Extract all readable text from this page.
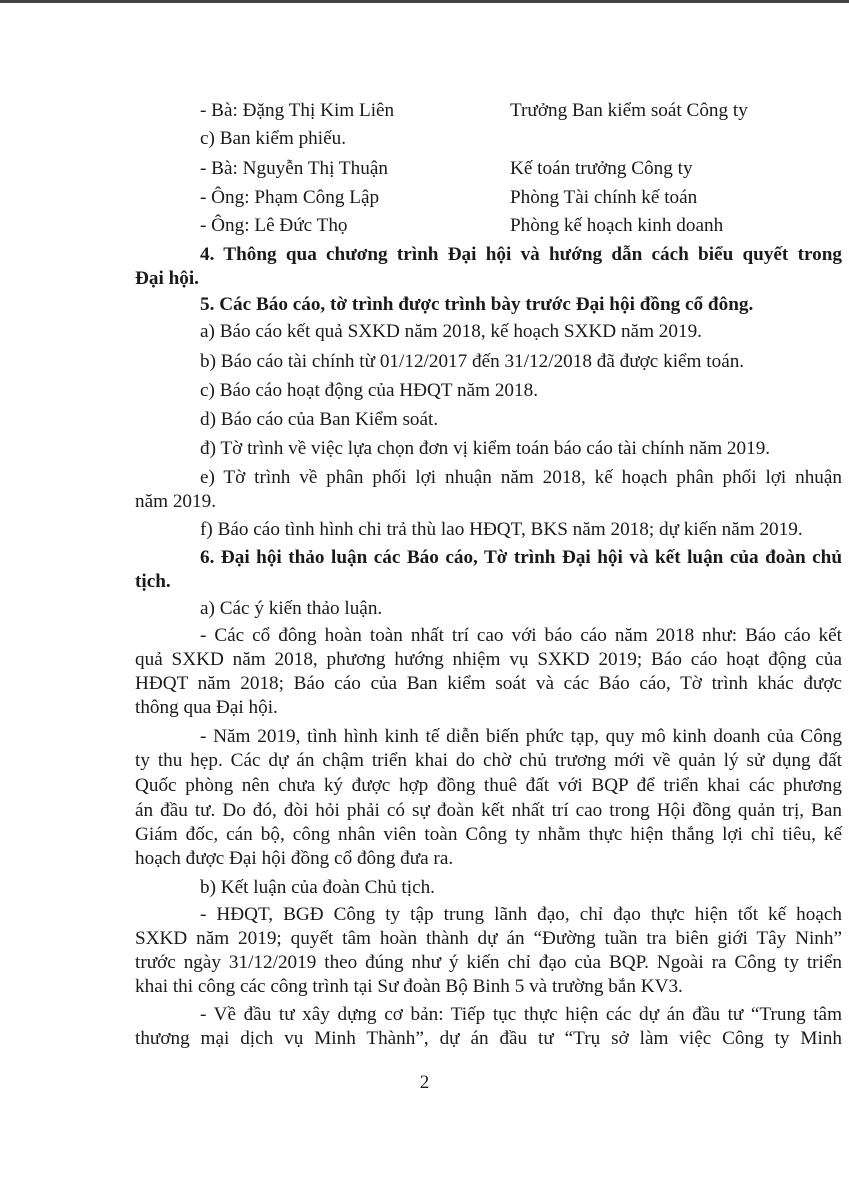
- Bà: Đặng Thị Kim Liên	Trưởng Ban kiểm soát Công ty
c) Ban kiểm phiếu.
- Bà: Nguyễn Thị Thuận	Kế toán trưởng Công ty
- Ông: Phạm Công Lập	Phòng Tài chính kế toán
- Ông: Lê Đức Thọ	Phòng kế hoạch kinh doanh
4. Thông qua chương trình Đại hội và hướng dẫn cách biểu quyết trong
Đại hội.
5. Các Báo cáo, tờ trình được trình bày trước Đại hội đồng cổ đông.
a) Báo cáo kết quả SXKD năm 2018, kế hoạch SXKD năm 2019.
b) Báo cáo tài chính từ 01/12/2017 đến 31/12/2018 đã được kiểm toán.
c) Báo cáo hoạt động của HĐQT năm 2018.
d) Báo cáo của Ban Kiểm soát.
đ) Tờ trình về việc lựa chọn đơn vị kiểm toán báo cáo tài chính năm 2019.
e) Tờ trình về phân phối lợi nhuận năm 2018, kế hoạch phân phối lợi nhuận
năm 2019.
f) Báo cáo tình hình chi trả thù lao HĐQT, BKS năm 2018; dự kiến năm 2019.
6. Đại hội thảo luận các Báo cáo, Tờ trình Đại hội và kết luận của đoàn chủ
tịch.
a) Các ý kiến thảo luận.
- Các cổ đông hoàn toàn nhất trí cao với báo cáo năm 2018 như: Báo cáo kết
quả SXKD năm 2018, phương hướng nhiệm vụ SXKD 2019; Báo cáo hoạt động của
HĐQT năm 2018; Báo cáo của Ban kiểm soát và các Báo cáo, Tờ trình khác được
thông qua Đại hội.
- Năm 2019, tình hình kinh tế diễn biến phức tạp, quy mô kinh doanh của Công
ty thu hẹp. Các dự án chậm triển khai do chờ chủ trương mới về quản lý sử dụng đất
Quốc phòng nên chưa ký được hợp đồng thuê đất với BQP để triển khai các phương
án đầu tư. Do đó, đòi hỏi phải có sự đoàn kết nhất trí cao trong Hội đồng quản trị, Ban
Giám đốc, cán bộ, công nhân viên toàn Công ty nhằm thực hiện thắng lợi chỉ tiêu, kế
hoạch được Đại hội đồng cổ đông đưa ra.
b) Kết luận của đoàn Chủ tịch.
- HĐQT, BGĐ Công ty tập trung lãnh đạo, chỉ đạo thực hiện tốt kế hoạch
SXKD năm 2019; quyết tâm hoàn thành dự án “Đường tuần tra biên giới Tây Ninh”
trước ngày 31/12/2019 theo đúng như ý kiến chỉ đạo của BQP. Ngoài ra Công ty triển
khai thi công các công trình tại Sư đoàn Bộ Binh 5 và trường bắn KV3.
- Về đầu tư xây dựng cơ bản: Tiếp tục thực hiện các dự án đầu tư “Trung tâm
thương mại dịch vụ Minh Thành”, dự án đầu tư “Trụ sở làm việc Công ty Minh
2
